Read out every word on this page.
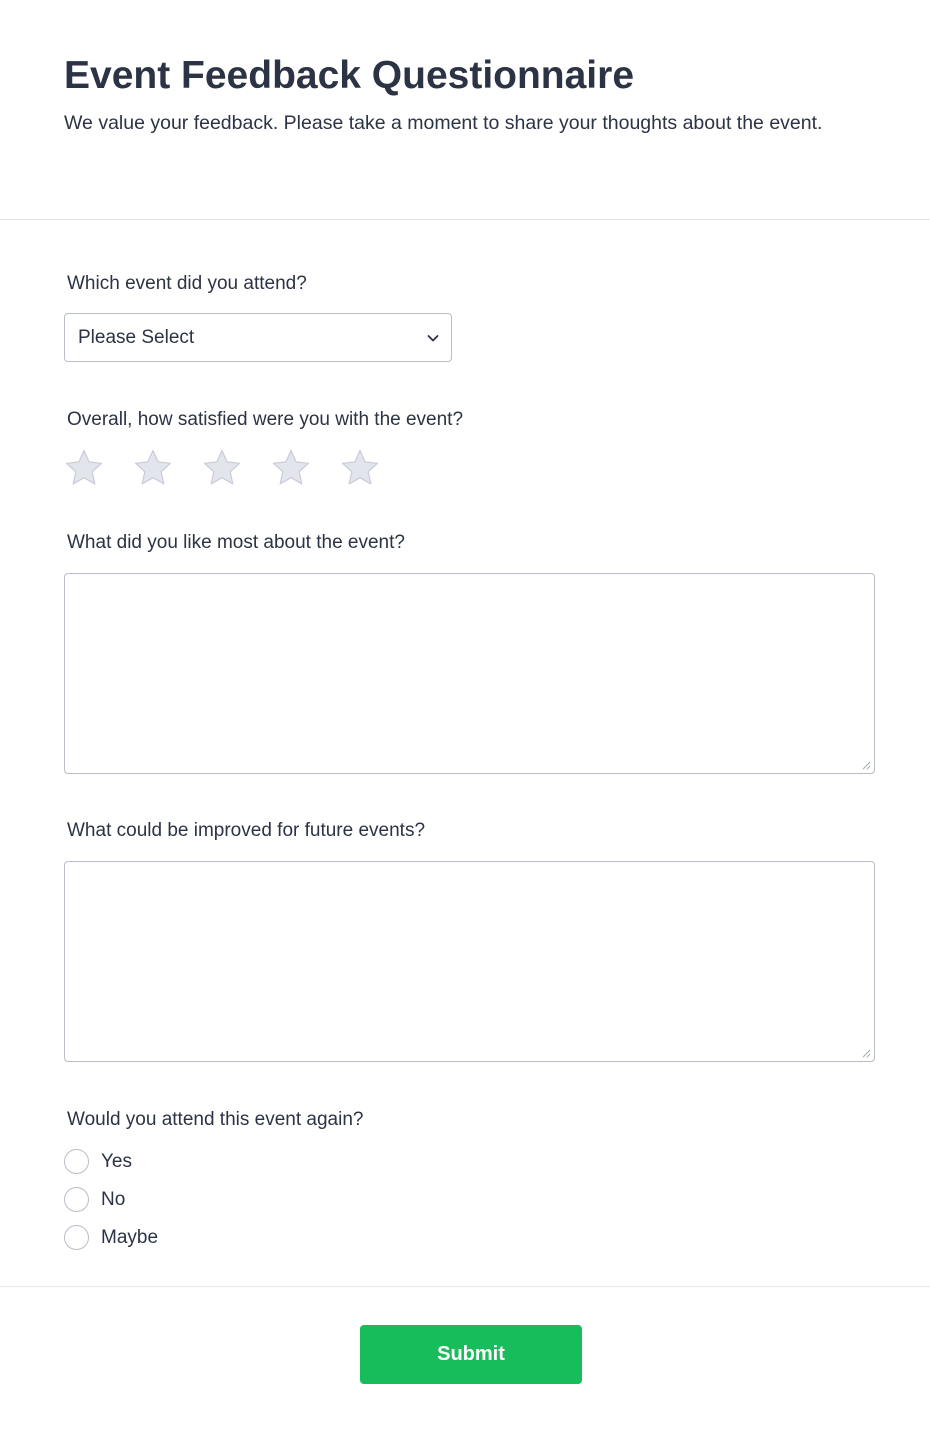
Event Feedback Questionnaire

We value your feedback. Please take a moment to share your thoughts about the event.

Which event did you attend?
Please Select
Overall, how satisfied were you with the event?
What did you like most about the event?
What could be improved for future events?
Would you attend this event again?
Yes
No
Maybe
Submit
